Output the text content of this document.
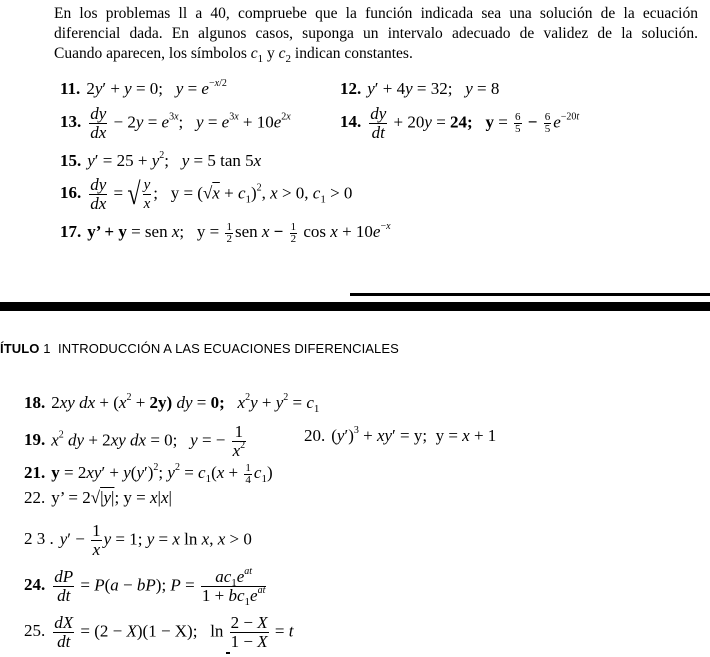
En los problemas ll a 40, compruebe que la función indicada sea una solución de la ecuación
diferencial dada. En algunos casos, suponga un intervalo adecuado de validez de la solución.
Cuando aparecen, los símbolos $c_1$ y $c_2$ indican constantes.
11. 2y′ + y = 0;   $y = e^{-x/2}$	12. y′ + 4y = 32;   y = 8
13. $\frac{dy}{dx} - 2y = e^{3x}$;   $y = e^{3x} + 10e^{2x}$	14. $\frac{dy}{dt} + 20y = 24$; $y = \frac{6}{5} - \frac{6}{5} e^{-20t}$
15. $y' = 25 + y^2$;   y = 5 tan 5x
16. $\frac{dy}{dx}$ = √ $\frac{y}{x}$ ;   $y = (√x + c_1)^2$, x > 0, $c_1 > 0$
17. y’ + y = sen x;   $y = \frac{1}{2}$ sen $x - \frac{1}{2}$ $\cos x + 10e^{-x}$
ÍTULO 1 INTRODUCCIÓN A LAS ECUACIONES DIFERENCIALES
18. 2xy dx + $(x^2 + 2y)$ dy = 0; $x^2y + y^2 = c_1$
19. $x^2$ dy + 2xy dx = 0;   y = − $\frac{1}{x^2}$	20. $(y')^3 + xy' = y$;  y = x + 1
21. $y = 2xy' + y(y')^2$; $y^2 = c_1(x + \frac{1}{4} c_1)$
22. y’ = 2√|y|; y = x|x|
2 3 . $y' - \frac{1}{x}$ y = 1; y = x ln x, x > 0
24. $\frac{dP}{dt} = P(a - bP)$; $P = \frac{ac_1e^{at}}{1 + bc_1e^{at}}$
25. $\frac{dX}{dt} = (2 - X)(1 - X)$;   $\ln \frac{2 - X}{1 - X} = t$
